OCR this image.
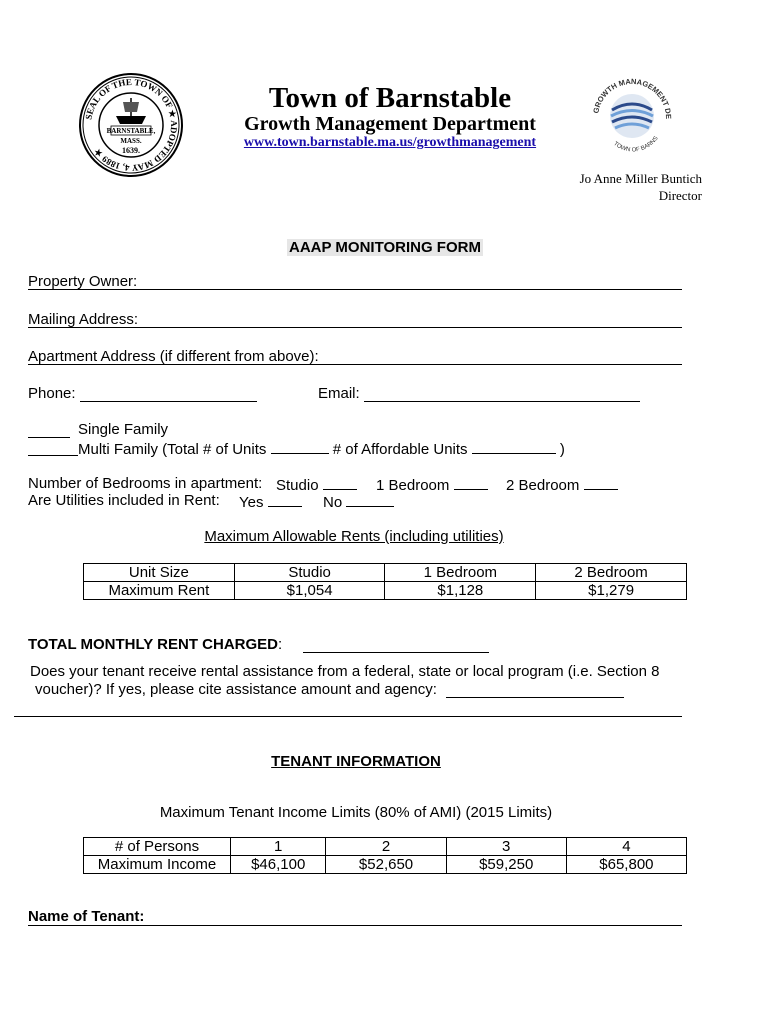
SEAL OF THE TOWN OF ★ ADOPTED MAY 4, 1889 ★
BARNSTABLE,
MASS.
1639.
Town of Barnstable
Growth Management Department
www.town.barnstable.ma.us/growthmanagement
GROWTH MANAGEMENT DE
TOWN OF BARNS
Jo Anne Miller Buntich
Director
AAAP MONITORING FORM
Property Owner:
Mailing Address:
Apartment Address (if different from above):
Phone:	Email:
Single Family
Multi Family (Total # of Units	# of Affordable Units	)
Number of Bedrooms in apartment: Studio	1 Bedroom	2 Bedroom
Are Utilities included in Rent: Yes	No
Maximum Allowable Rents (including utilities)
Unit Size	Studio	1 Bedroom	2 Bedroom
Maximum Rent	$1,054	$1,128	$1,279
TOTAL MONTHLY RENT CHARGED:
Does your tenant receive rental assistance from a federal, state or local program (i.e. Section 8
voucher)? If yes, please cite assistance amount and agency:
TENANT INFORMATION
Maximum Tenant Income Limits (80% of AMI) (2015 Limits)
# of Persons	1	2	3	4
Maximum Income	$46,100	$52,650	$59,250	$65,800
Name of Tenant:
